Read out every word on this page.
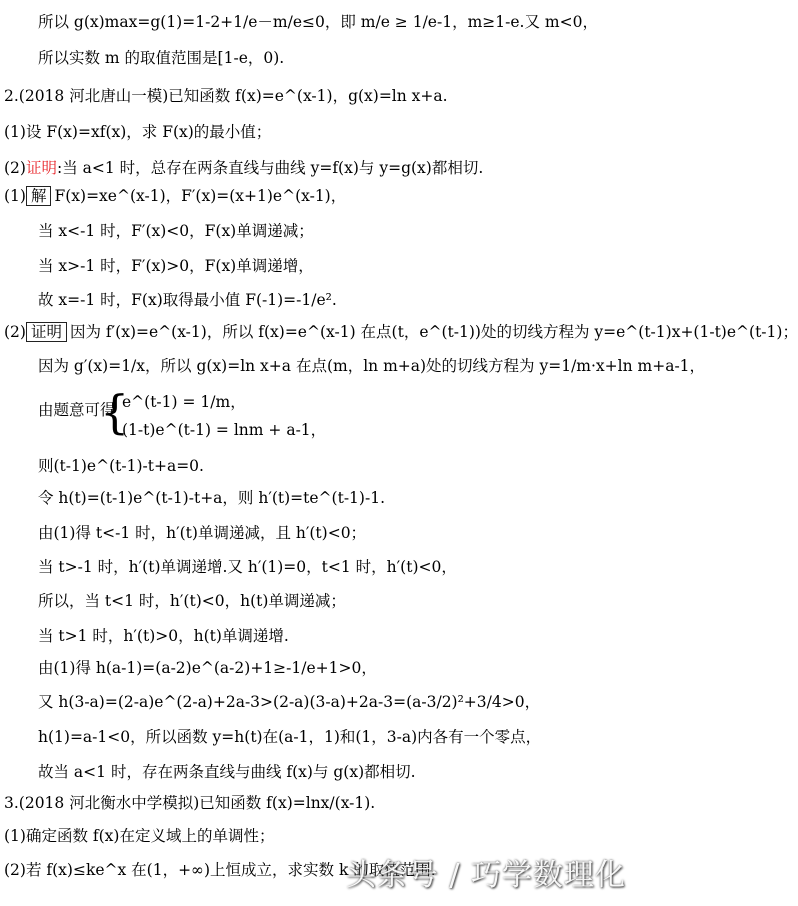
所以 g(x)max=g(1)=1-2+1/e－m/e≤0，即 m/e ≥ 1/e-1，m≥1-e.又 m<0，
所以实数 m 的取值范围是[1-e，0).
2.(2018 河北唐山一模)已知函数 f(x)=e^(x-1)，g(x)=ln x+a.
(1)设 F(x)=xf(x)，求 F(x)的最小值；
(2)证明:当 a<1 时，总存在两条直线与曲线 y=f(x)与 y=g(x)都相切.
(1) 解 F(x)=xe^(x-1)，F′(x)=(x+1)e^(x-1)，
当 x<-1 时，F′(x)<0，F(x)单调递减；
当 x>-1 时，F′(x)>0，F(x)单调递增，
故 x=-1 时，F(x)取得最小值 F(-1)=-1/e².
(2) 证明 因为 f′(x)=e^(x-1)，所以 f(x)=e^(x-1) 在点(t，e^(t-1))处的切线方程为 y=e^(t-1)x+(1-t)e^(t-1)；
因为 g′(x)=1/x，所以 g(x)=ln x+a 在点(m，ln m+a)处的切线方程为 y=1/m·x+ln m+a-1，
由题意可得
则(t-1)e^(t-1)-t+a=0.
令 h(t)=(t-1)e^(t-1)-t+a，则 h′(t)=te^(t-1)-1.
由(1)得 t<-1 时，h′(t)单调递减，且 h′(t)<0；
当 t>-1 时，h′(t)单调递增.又 h′(1)=0，t<1 时，h′(t)<0，
所以，当 t<1 时，h′(t)<0，h(t)单调递减；
当 t>1 时，h′(t)>0，h(t)单调递增.
由(1)得 h(a-1)=(a-2)e^(a-2)+1≥-1/e+1>0，
又 h(3-a)=(2-a)e^(2-a)+2a-3>(2-a)(3-a)+2a-3=(a-3/2)²+3/4>0，
h(1)=a-1<0，所以函数 y=h(t)在(a-1，1)和(1，3-a)内各有一个零点，
故当 a<1 时，存在两条直线与曲线 f(x)与 g(x)都相切.
3.(2018 河北衡水中学模拟)已知函数 f(x)=lnx/(x-1).
(1)确定函数 f(x)在定义域上的单调性；
(2)若 f(x)≤ke^x 在(1，+∞)上恒成立，求实数 k 的取值范围.
{
e^(t-1) = 1/m，
(1-t)e^(t-1) = lnm + a-1，
头条号 / 巧学数理化
